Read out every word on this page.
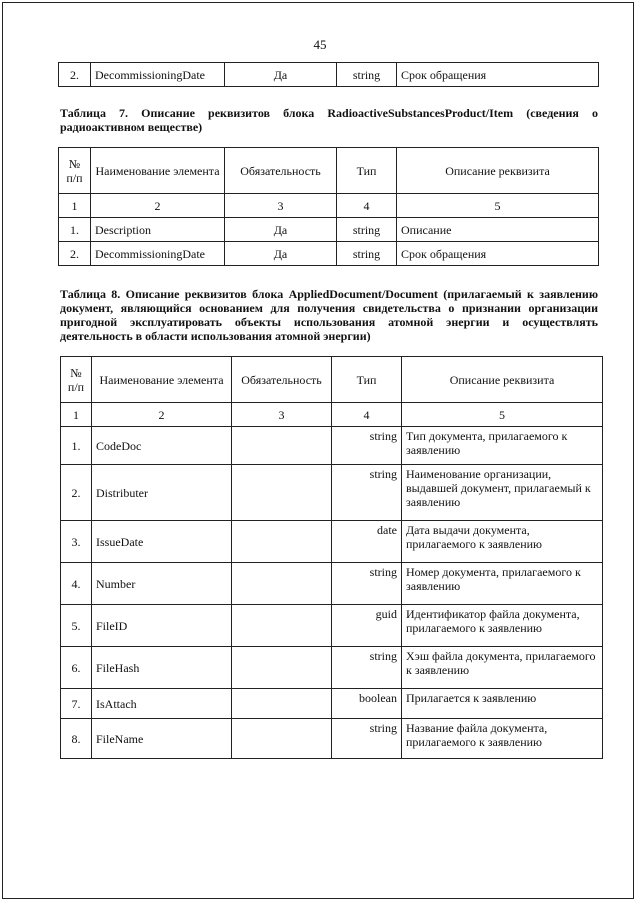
45
2.	DecommissioningDate	Да	string	Срок обращения
Таблица 7. Описание реквизитов блока RadioactiveSubstancesProduct/Item (сведения о радиоактивном веществе)
№ п/п	Наименование элемента	Обязательность	Тип	Описание реквизита
1	2	3	4	5
1.	Description	Да	string	Описание
2.	DecommissioningDate	Да	string	Срок обращения
Таблица 8. Описание реквизитов блока AppliedDocument/Document (прилагаемый к заявлению документ, являющийся основанием для получения свидетельства о признании организации пригодной эксплуатировать объекты использования атомной энергии и осуществлять деятельность в области использования атомной энергии)
№ п/п	Наименование элемента	Обязательность	Тип	Описание реквизита
1	2	3	4	5
1.	CodeDoc		string	Тип документа, прилагаемого к заявлению
2.	Distributer		string	Наименование организации, выдавшей документ, прилагаемый к заявлению
3.	IssueDate		date	Дата выдачи документа, прилагаемого к заявлению
4.	Number		string	Номер документа, прилагаемого к заявлению
5.	FileID		guid	Идентификатор файла документа, прилагаемого к заявлению
6.	FileHash		string	Хэш файла документа, прилагаемого к заявлению
7.	IsAttach		boolean	Прилагается к заявлению
8.	FileName		string	Название файла документа, прилагаемого к заявлению
